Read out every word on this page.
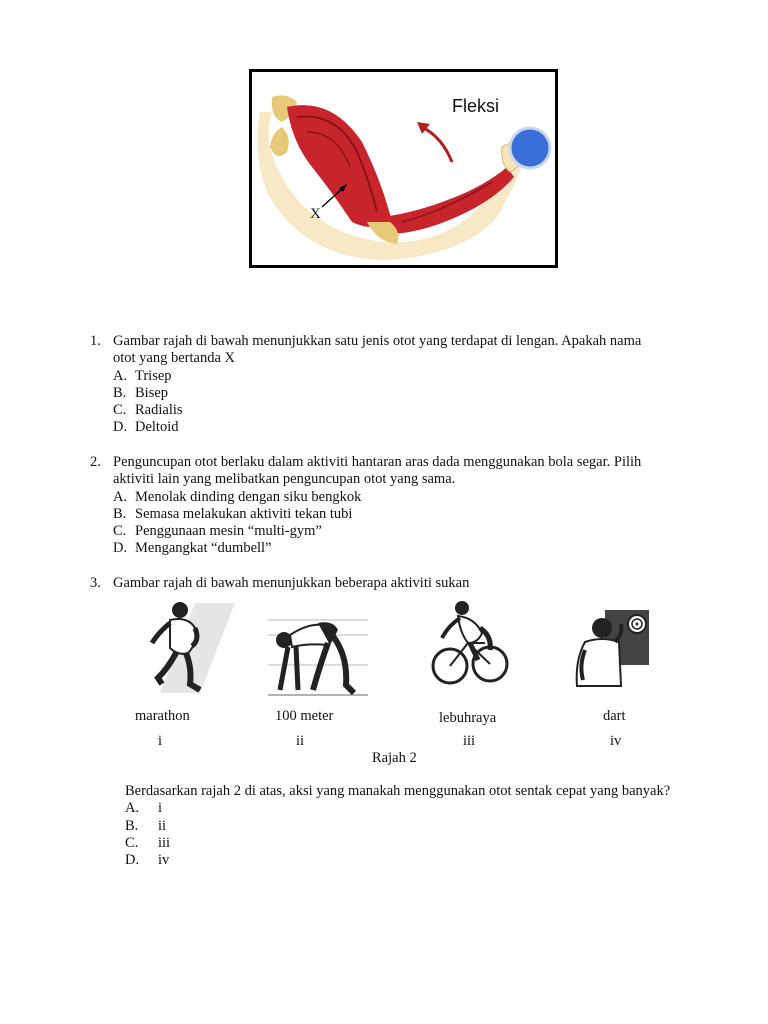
Fleksi
X
1. Gambar rajah di bawah menunjukkan satu jenis otot yang terdapat di lengan. Apakah nama
otot yang bertanda X
A. Trisep
B. Bisep
C. Radialis
D. Deltoid
2. Penguncupan otot berlaku dalam aktiviti hantaran aras dada menggunakan bola segar. Pilih
aktiviti lain yang melibatkan penguncupan otot yang sama.
A. Menolak dinding dengan siku bengkok
B. Semasa melakukan aktiviti tekan tubi
C. Penggunaan mesin “multi-gym”
D. Mengangkat “dumbell”
3. Gambar rajah di bawah menunjukkan beberapa aktiviti sukan
marathon	100 meter	lebuhraya	dart
i	ii	iii	iv
Rajah 2
Berdasarkan rajah 2 di atas, aksi yang manakah menggunakan otot sentak cepat yang banyak?
A. i
B. ii
C. iii
D. iv
